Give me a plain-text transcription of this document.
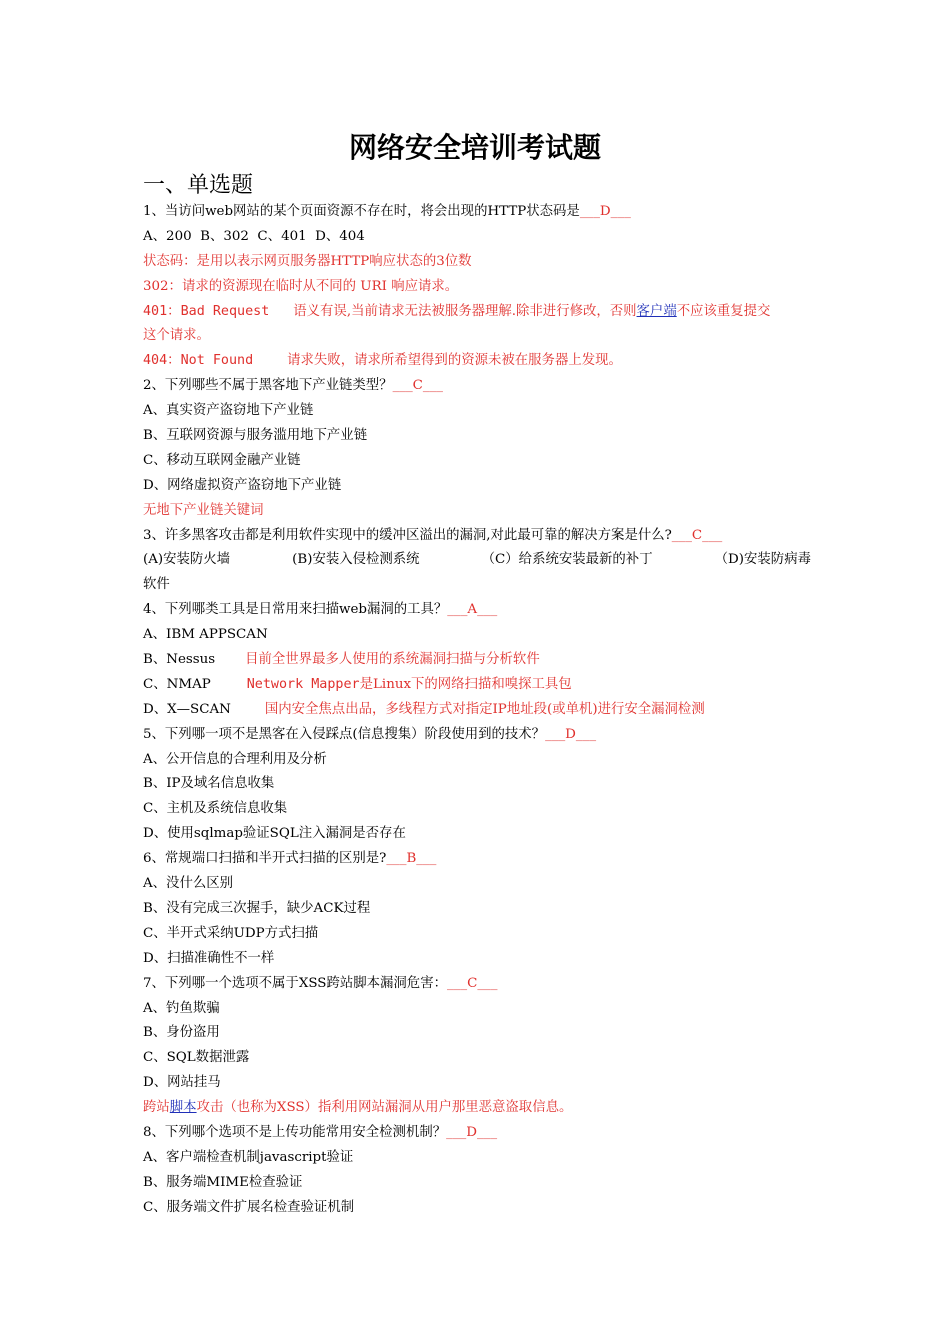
网络安全培训考试题
一、单选题
1、当访问web网站的某个页面资源不存在时，将会出现的HTTP状态码是___D___
A、200  B、302  C、401  D、404
状态码：是用以表示网页服务器HTTP响应状态的3位数
302：请求的资源现在临时从不同的 URI 响应请求。
401：Bad Request 语义有误,当前请求无法被服务器理解.除非进行修改，否则客户端不应该重复提交
这个请求。
404：Not Found	请求失败，请求所希望得到的资源未被在服务器上发现。
2、下列哪些不属于黑客地下产业链类型？___C___
A、真实资产盗窃地下产业链
B、互联网资源与服务滥用地下产业链
C、移动互联网金融产业链
D、网络虚拟资产盗窃地下产业链
无地下产业链关键词
3、许多黑客攻击都是利用软件实现中的缓冲区溢出的漏洞,对此最可靠的解决方案是什么?___C___
(A)安装防火墙	(B)安装入侵检测系统	（C）给系统安装最新的补丁	（D)安装防病毒
软件
4、下列哪类工具是日常用来扫描web漏洞的工具？___A___
A、IBM APPSCAN
B、Nessus 目前全世界最多人使用的系统漏洞扫描与分析软件
C、NMAP	Network Mapper是Linux下的网络扫描和嗅探工具包
D、X—SCAN	国内安全焦点出品，多线程方式对指定IP地址段(或单机)进行安全漏洞检测
5、下列哪一项不是黑客在入侵踩点(信息搜集）阶段使用到的技术？___D___
A、公开信息的合理利用及分析
B、IP及域名信息收集
C、主机及系统信息收集
D、使用sqlmap验证SQL注入漏洞是否存在
6、常规端口扫描和半开式扫描的区别是?___B___
A、没什么区别
B、没有完成三次握手，缺少ACK过程
C、半开式采纳UDP方式扫描
D、扫描准确性不一样
7、下列哪一个选项不属于XSS跨站脚本漏洞危害：___C___
A、钓鱼欺骗
B、身份盗用
C、SQL数据泄露
D、网站挂马
跨站脚本攻击（也称为XSS）指利用网站漏洞从用户那里恶意盗取信息。
8、下列哪个选项不是上传功能常用安全检测机制？___D___
A、客户端检查机制javascript验证
B、服务端MIME检查验证
C、服务端文件扩展名检查验证机制
